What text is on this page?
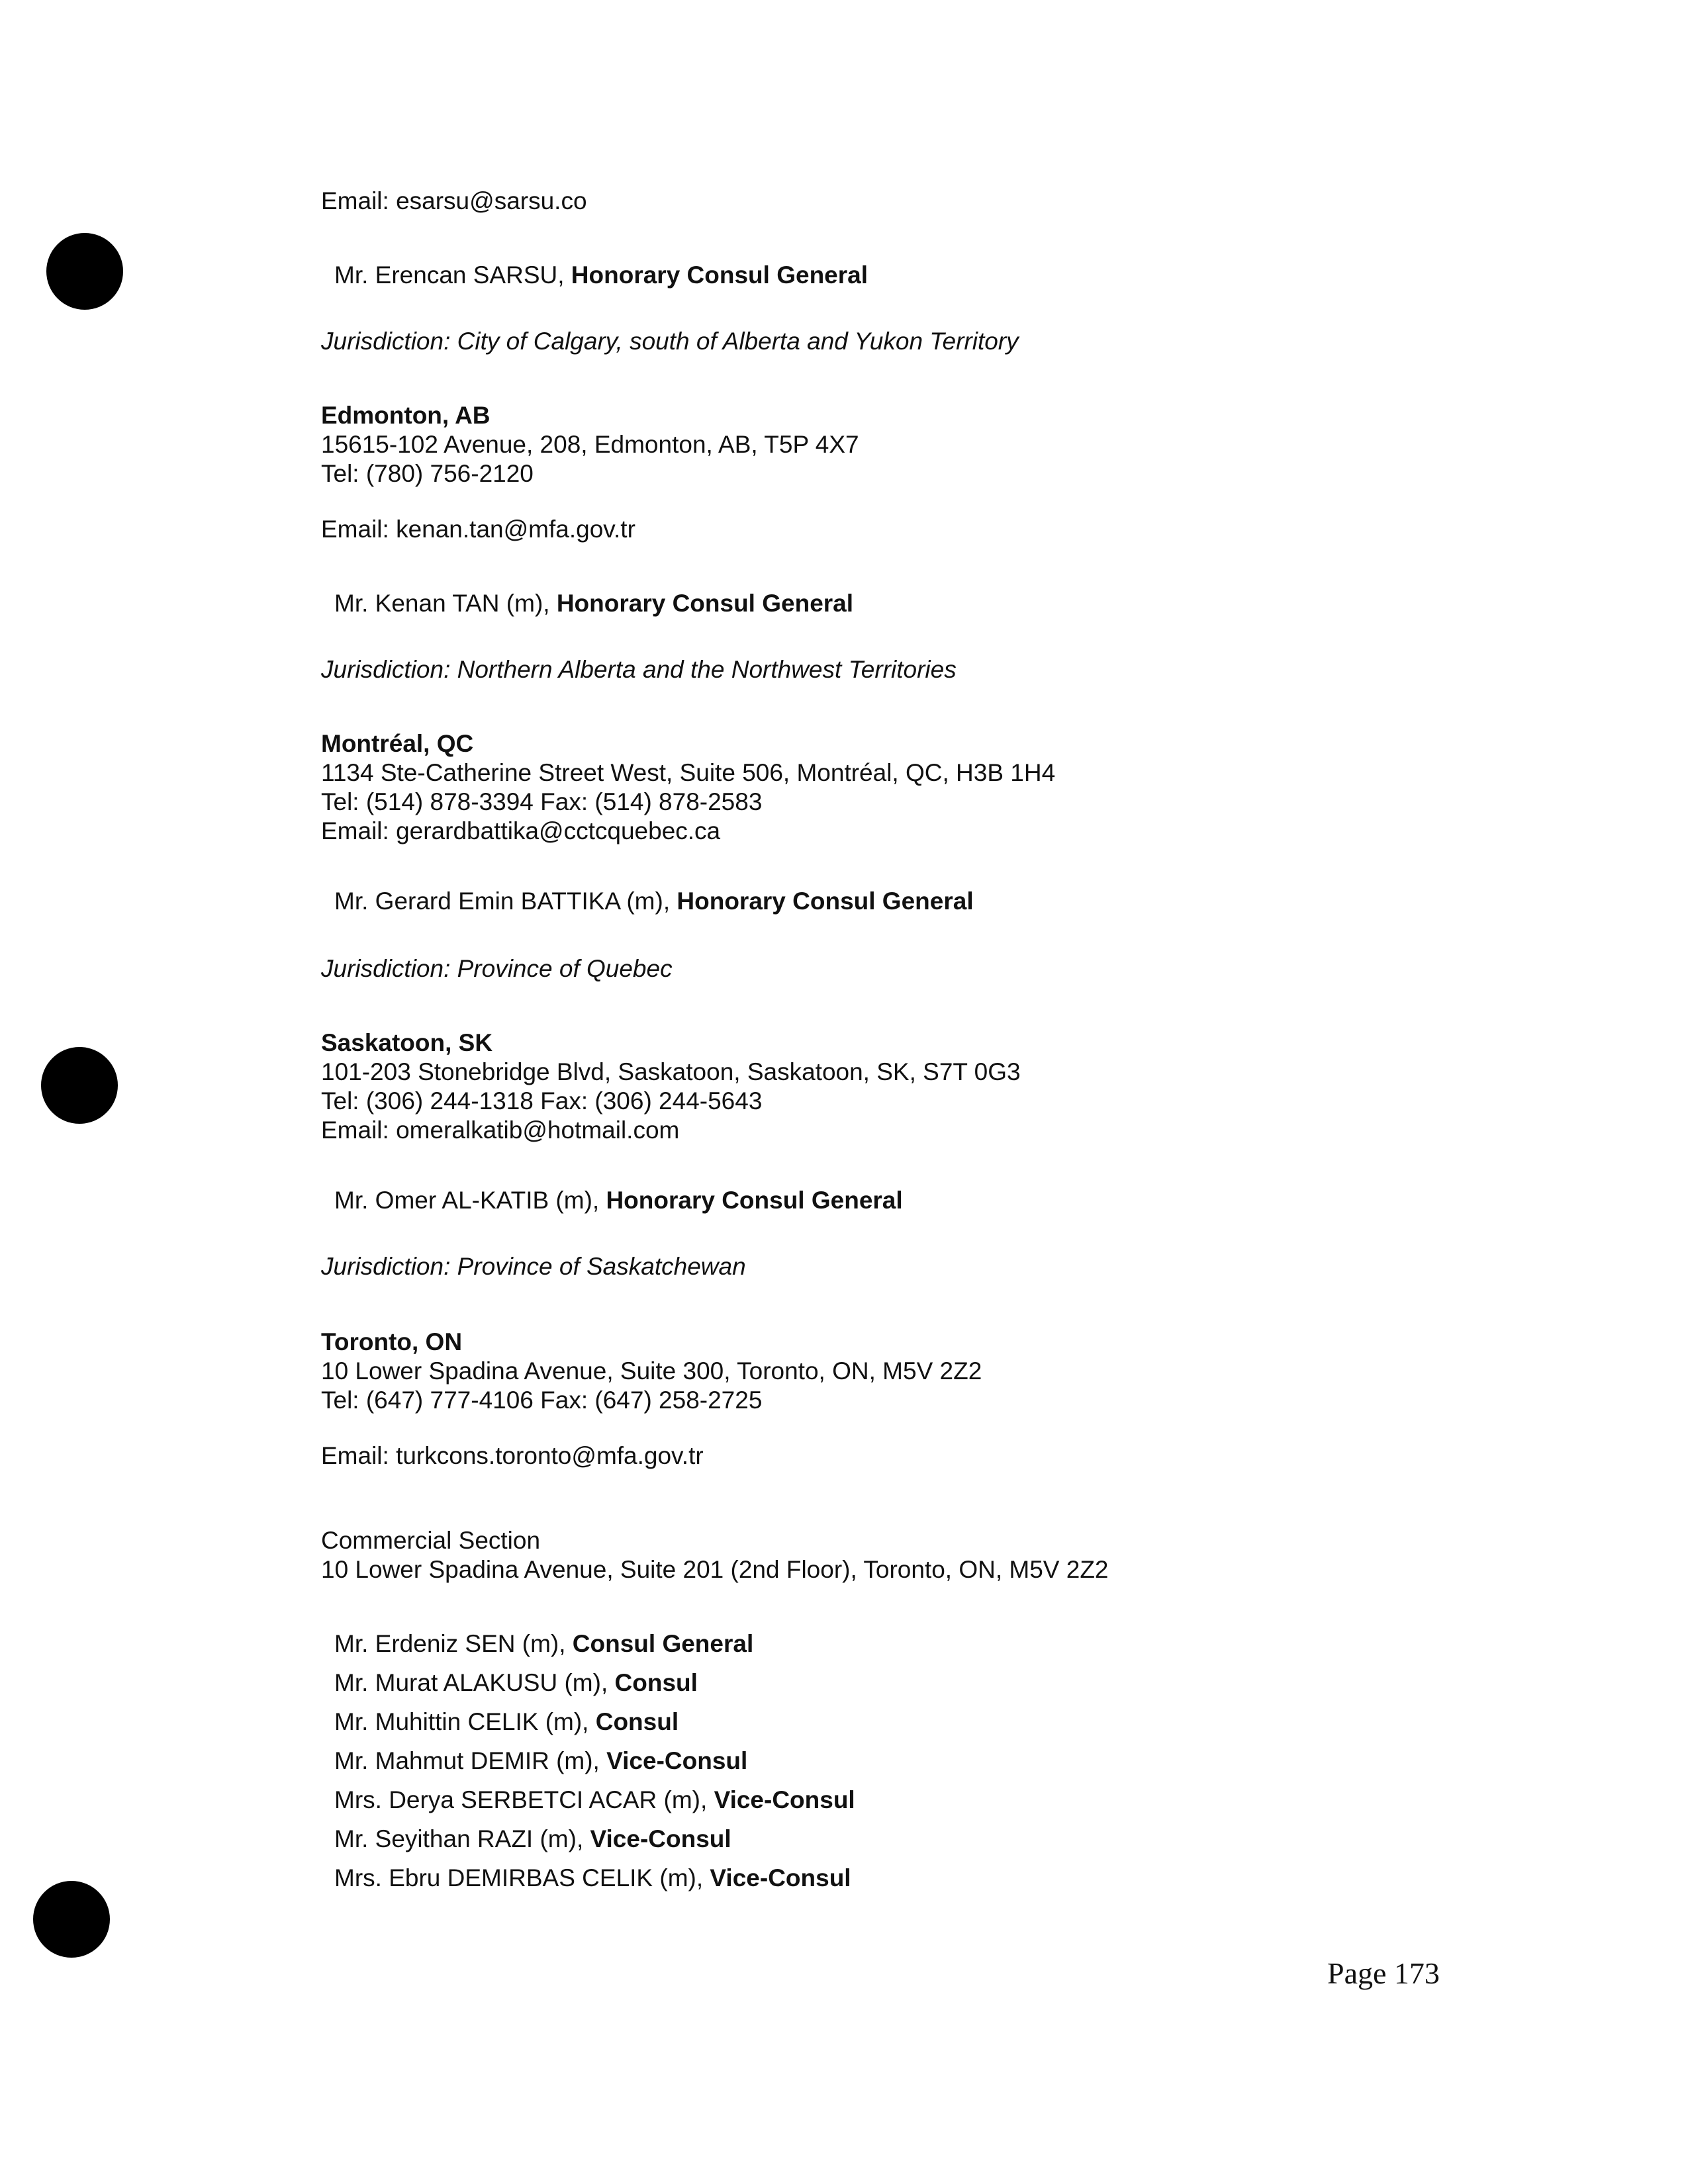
Email: esarsu@sarsu.co
Mr. Erencan SARSU, Honorary Consul General
Jurisdiction: City of Calgary, south of Alberta and Yukon Territory
Edmonton, AB
15615-102 Avenue, 208, Edmonton, AB, T5P 4X7
Tel: (780) 756-2120
Email: kenan.tan@mfa.gov.tr
Mr. Kenan TAN (m), Honorary Consul General
Jurisdiction: Northern Alberta and the Northwest Territories
Montréal, QC
1134 Ste-Catherine Street West, Suite 506, Montréal, QC, H3B 1H4
Tel: (514) 878-3394 Fax: (514) 878-2583
Email: gerardbattika@cctcquebec.ca
Mr. Gerard Emin BATTIKA (m), Honorary Consul General
Jurisdiction: Province of Quebec
Saskatoon, SK
101-203 Stonebridge Blvd, Saskatoon, Saskatoon, SK, S7T 0G3
Tel: (306) 244-1318 Fax: (306) 244-5643
Email: omeralkatib@hotmail.com
Mr. Omer AL-KATIB (m), Honorary Consul General
Jurisdiction: Province of Saskatchewan
Toronto, ON
10 Lower Spadina Avenue, Suite 300, Toronto, ON, M5V 2Z2
Tel: (647) 777-4106 Fax: (647) 258-2725
Email: turkcons.toronto@mfa.gov.tr
Commercial Section
10 Lower Spadina Avenue, Suite 201 (2nd Floor), Toronto, ON, M5V 2Z2
Mr. Erdeniz SEN (m), Consul General
Mr. Murat ALAKUSU (m), Consul
Mr. Muhittin CELIK (m), Consul
Mr. Mahmut DEMIR (m), Vice-Consul
Mrs. Derya SERBETCI ACAR (m), Vice-Consul
Mr. Seyithan RAZI (m), Vice-Consul
Mrs. Ebru DEMIRBAS CELIK (m), Vice-Consul
Page 173
